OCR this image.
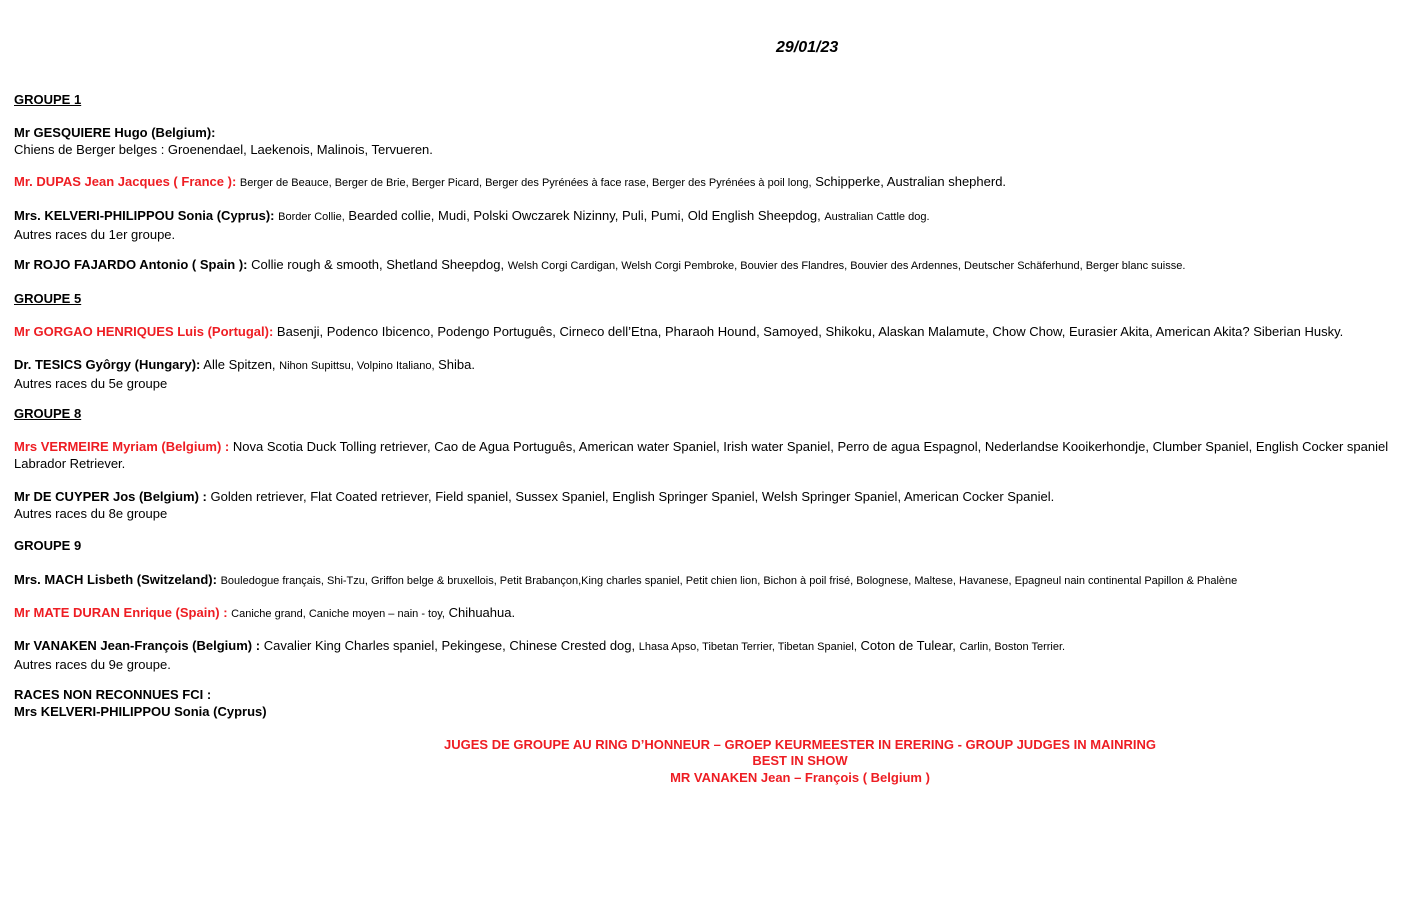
29/01/23
GROUPE 1
Mr GESQUIERE Hugo (Belgium):
Chiens de Berger belges : Groenendael, Laekenois, Malinois, Tervueren.
Mr. DUPAS Jean Jacques ( France ): Berger de Beauce, Berger de Brie, Berger Picard, Berger des Pyrénées à face rase, Berger des Pyrénées à poil long, Schipperke, Australian shepherd.
Mrs. KELVERI-PHILIPPOU Sonia (Cyprus): Border Collie, Bearded collie, Mudi, Polski Owczarek Nizinny, Puli, Pumi, Old English Sheepdog, Australian Cattle dog.
Autres races du 1er groupe.
Mr ROJO FAJARDO Antonio ( Spain ): Collie rough & smooth, Shetland Sheepdog, Welsh Corgi Cardigan, Welsh Corgi Pembroke, Bouvier des Flandres, Bouvier des Ardennes, Deutscher Schäferhund, Berger blanc suisse.
GROUPE 5
Mr GORGAO HENRIQUES Luis (Portugal): Basenji, Podenco Ibicenco, Podengo Português, Cirneco dell’Etna, Pharaoh Hound, Samoyed, Shikoku, Alaskan Malamute, Chow Chow, Eurasier Akita, American Akita? Siberian Husky.
Dr. TESICS Gyôrgy (Hungary): Alle Spitzen, Nihon Supittsu, Volpino Italiano, Shiba.
Autres races du 5e groupe
GROUPE 8
Mrs VERMEIRE Myriam (Belgium) : Nova Scotia Duck Tolling retriever, Cao de Agua Português, American water Spaniel, Irish water Spaniel, Perro de agua Espagnol, Nederlandse Kooikerhondje, Clumber Spaniel, English Cocker spaniel
Labrador Retriever.
Mr DE CUYPER Jos (Belgium) : Golden retriever, Flat Coated retriever, Field spaniel, Sussex Spaniel, English Springer Spaniel, Welsh Springer Spaniel, American Cocker Spaniel.
Autres races du 8e groupe
GROUPE 9
Mrs. MACH Lisbeth (Switzeland): Bouledogue français, Shi-Tzu, Griffon belge & bruxellois, Petit Brabançon,King charles spaniel, Petit chien lion, Bichon à poil frisé, Bolognese, Maltese, Havanese, Epagneul nain continental Papillon & Phalène
Mr MATE DURAN Enrique (Spain) : Caniche grand, Caniche moyen – nain - toy, Chihuahua.
Mr VANAKEN Jean-François (Belgium) : Cavalier King Charles spaniel, Pekingese, Chinese Crested dog, Lhasa Apso, Tibetan Terrier, Tibetan Spaniel, Coton de Tulear, Carlin, Boston Terrier.
Autres races du 9e groupe.
RACES NON RECONNUES FCI :
Mrs KELVERI-PHILIPPOU Sonia (Cyprus)
JUGES DE GROUPE AU RING D’HONNEUR – GROEP KEURMEESTER IN ERERING - GROUP JUDGES IN MAINRING
BEST IN SHOW
MR VANAKEN Jean – François ( Belgium )
